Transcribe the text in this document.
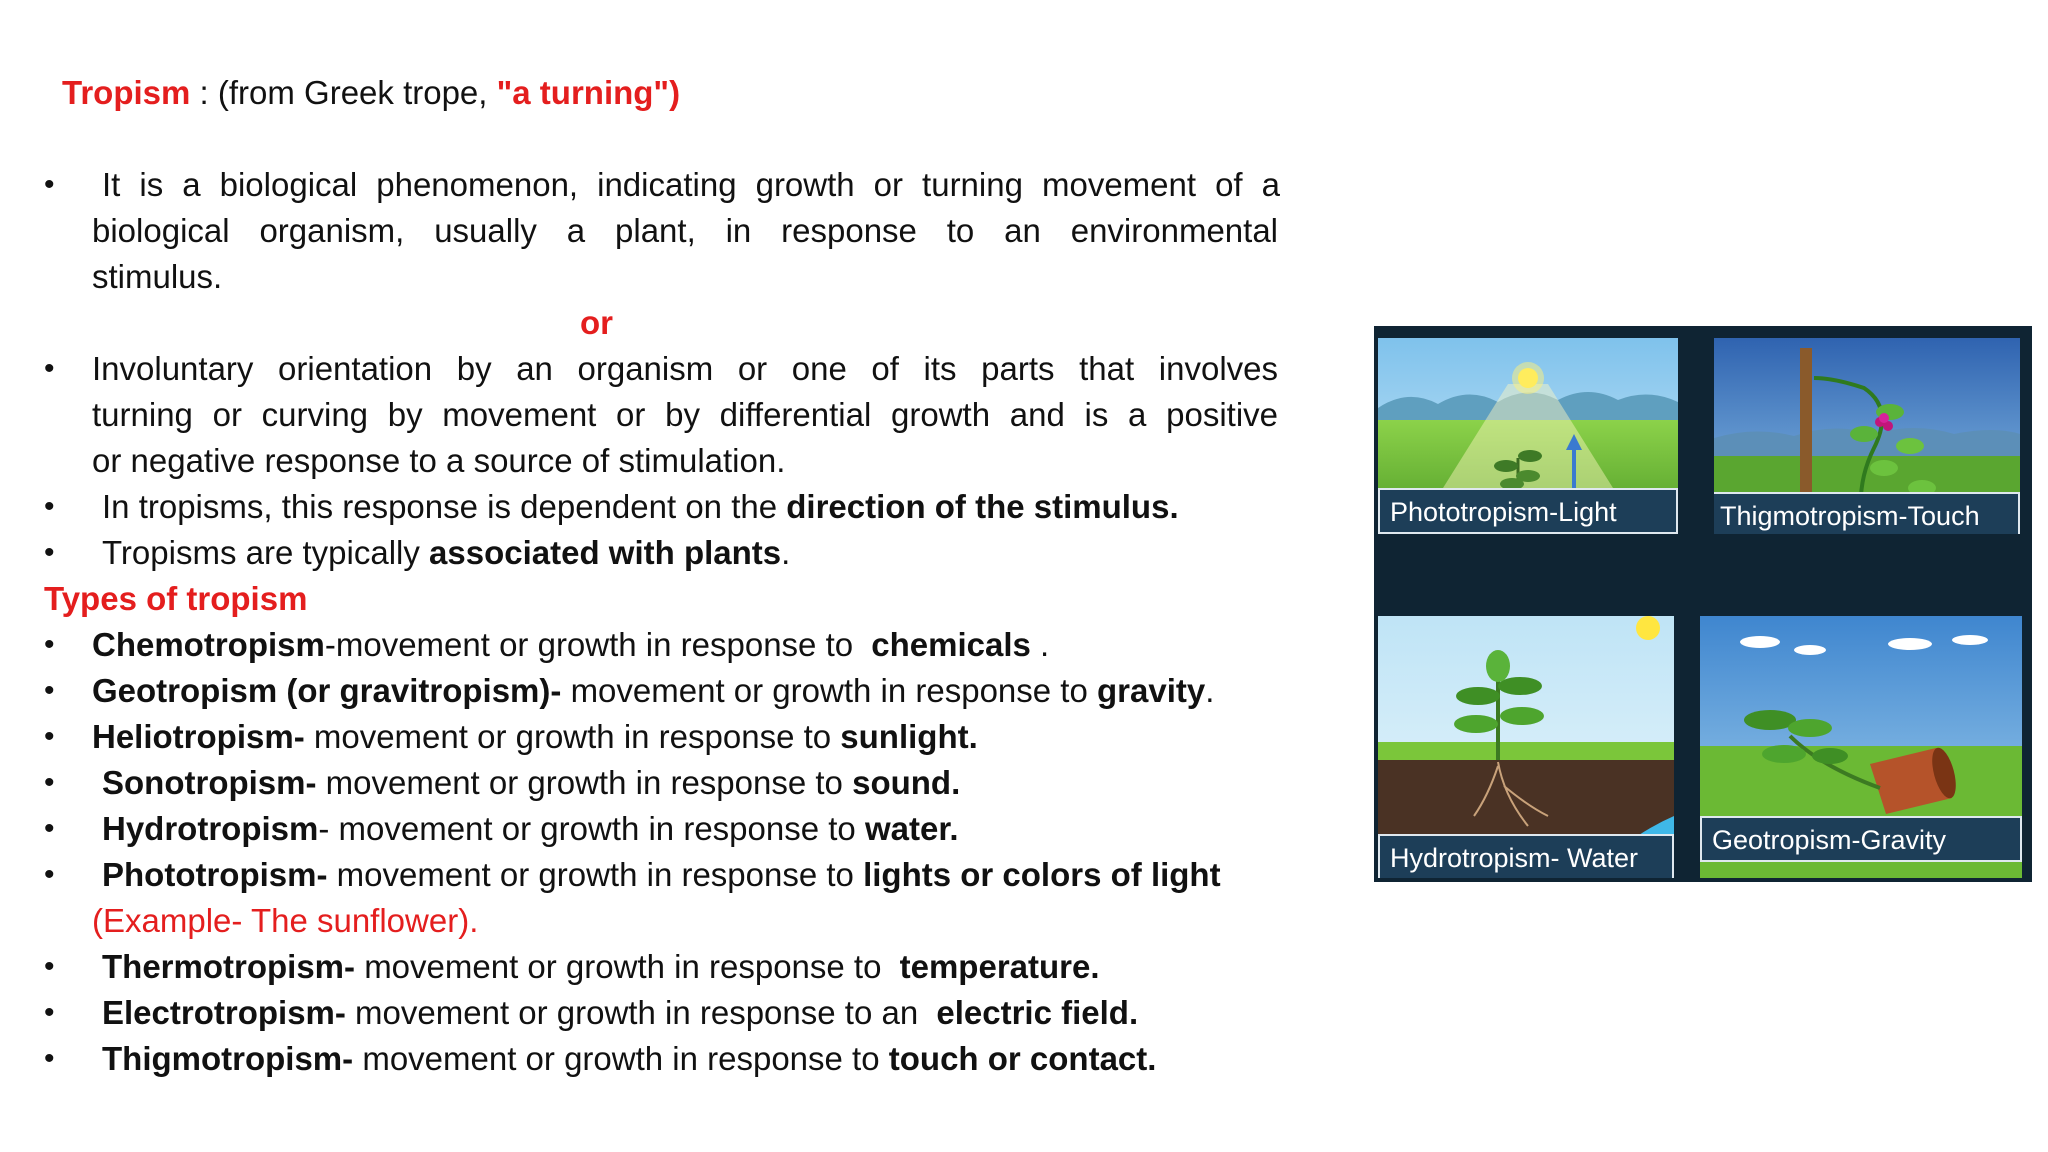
Tropism : (from Greek trope, "a turning")
•	It is a biological phenomenon, indicating growth or turning movement of a
biological organism, usually a plant, in response to an environmental
stimulus.
or
• Involuntary orientation by an organism or one of its parts that involves
turning or curving by movement or by differential growth and is a positive
or negative response to a source of stimulation.
• In tropisms, this response is dependent on the direction of the stimulus.
• Tropisms are typically associated with plants.
Types of tropism
• Chemotropism-movement or growth in response to chemicals .
• Geotropism (or gravitropism)- movement or growth in response to gravity.
• Heliotropism- movement or growth in response to sunlight.
• Sonotropism- movement or growth in response to sound.
• Hydrotropism- movement or growth in response to water.
• Phototropism- movement or growth in response to lights or colors of light
(Example- The sunflower).
• Thermotropism- movement or growth in response to temperature.
• Electrotropism- movement or growth in response to an electric field.
• Thigmotropism- movement or growth in response to touch or contact.
Phototropism-Light	Thigmotropism-Touch
Hydrotropism- Water
Geotropism-Gravity
